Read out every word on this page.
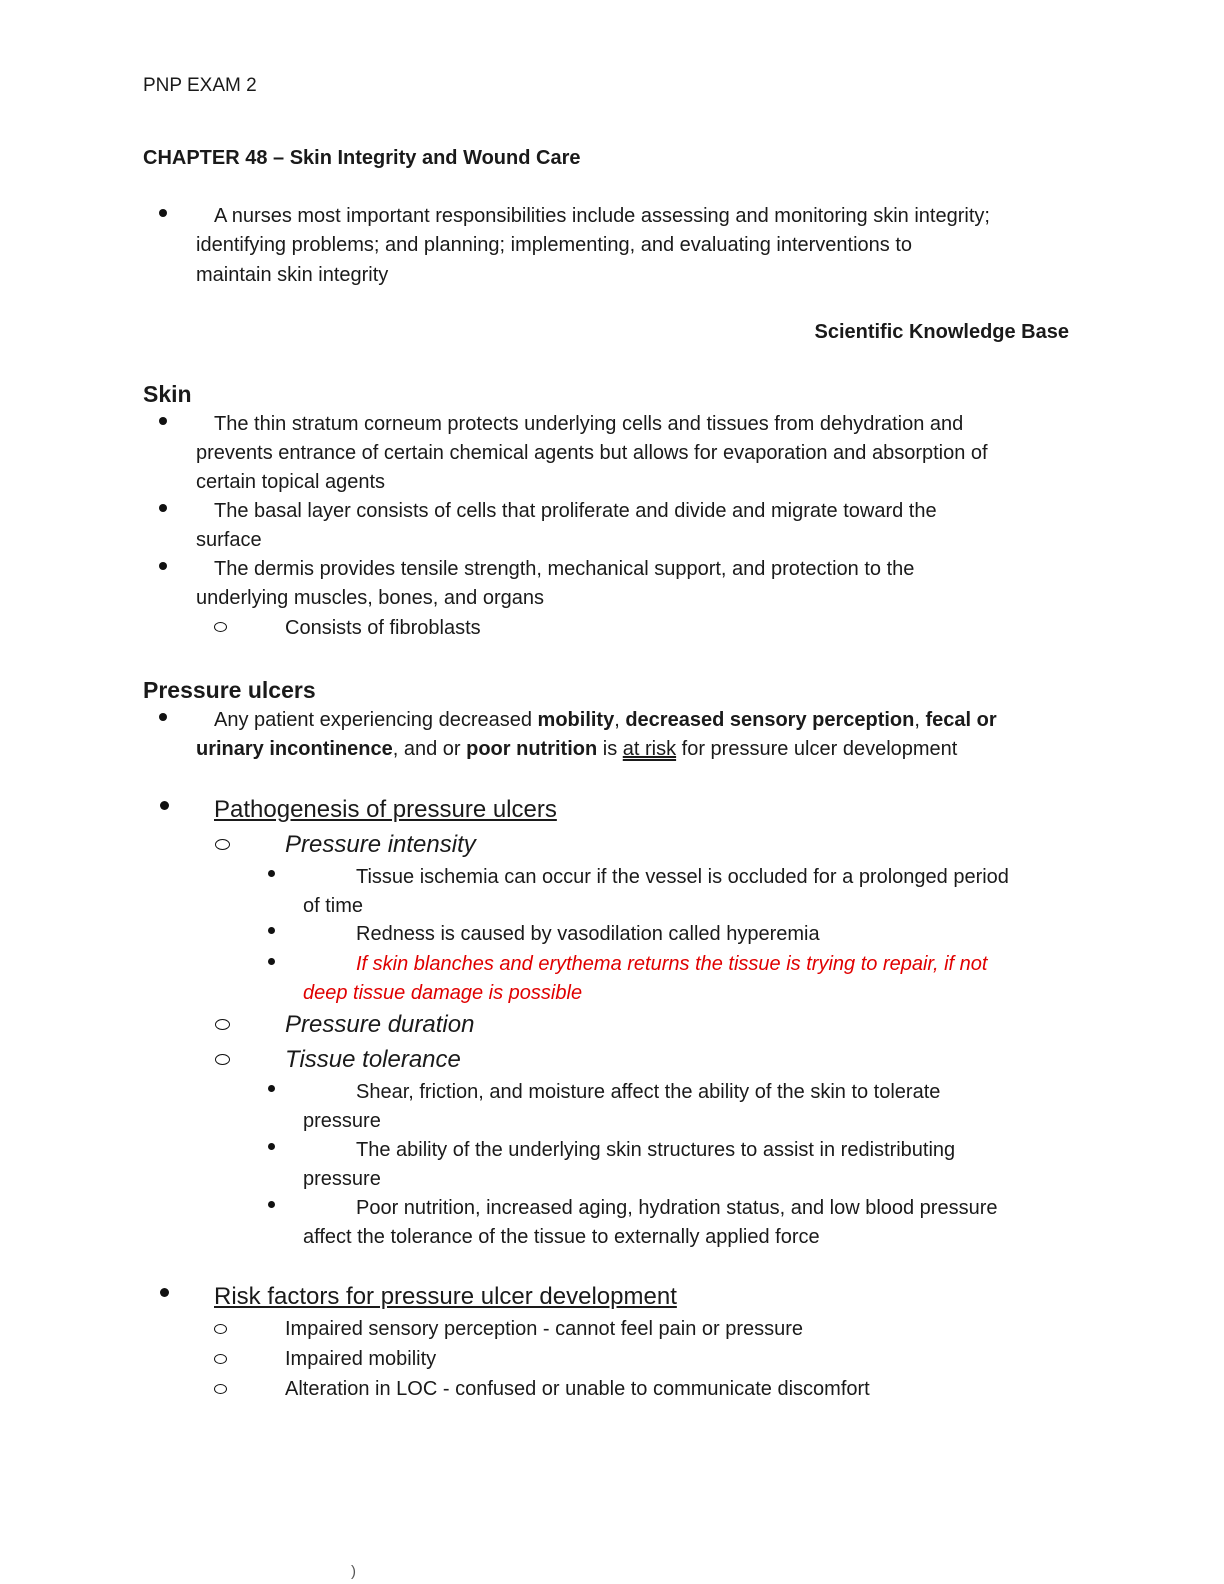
PNP EXAM 2
CHAPTER 48 – Skin Integrity and Wound Care
A nurses most important responsibilities include assessing and monitoring skin integrity;
identifying problems; and planning; implementing, and evaluating interventions to
maintain skin integrity
Scientific Knowledge Base
Skin
The thin stratum corneum protects underlying cells and tissues from dehydration and
prevents entrance of certain chemical agents but allows for evaporation and absorption of
certain topical agents
The basal layer consists of cells that proliferate and divide and migrate toward the
surface
The dermis provides tensile strength, mechanical support, and protection to the
underlying muscles, bones, and organs
Consists of fibroblasts
Pressure ulcers
Any patient experiencing decreased mobility, decreased sensory perception, fecal or
urinary incontinence, and or poor nutrition is at risk for pressure ulcer development
Pathogenesis of pressure ulcers
Pressure intensity
Tissue ischemia can occur if the vessel is occluded for a prolonged period
of time
Redness is caused by vasodilation called hyperemia
If skin blanches and erythema returns the tissue is trying to repair, if not
deep tissue damage is possible
Pressure duration
Tissue tolerance
Shear, friction, and moisture affect the ability of the skin to tolerate
pressure
The ability of the underlying skin structures to assist in redistributing
pressure
Poor nutrition, increased aging, hydration status, and low blood pressure
affect the tolerance of the tissue to externally applied force
Risk factors for pressure ulcer development
Impaired sensory perception - cannot feel pain or pressure
Impaired mobility
Alteration in LOC - confused or unable to communicate discomfort
)
